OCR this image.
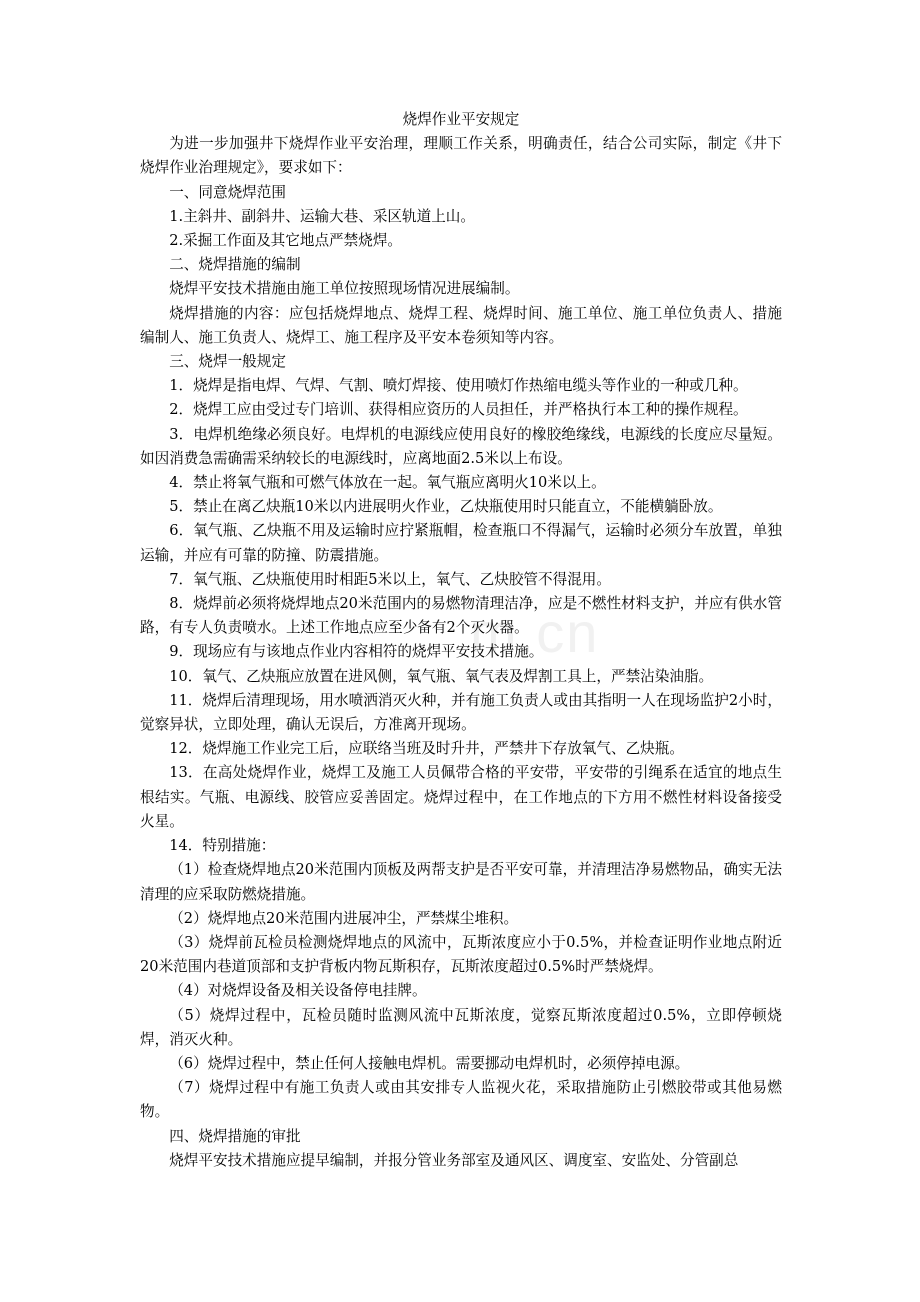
m.cn

烧焊作业平安规定

为进一步加强井下烧焊作业平安治理，理顺工作关系，明确责任，结合公司实际，制定《井下烧焊作业治理规定》，要求如下：

一、同意烧焊范围

1.主斜井、副斜井、运输大巷、采区轨道上山。

2.采掘工作面及其它地点严禁烧焊。

二、烧焊措施的编制

烧焊平安技术措施由施工单位按照现场情况进展编制。

烧焊措施的内容：应包括烧焊地点、烧焊工程、烧焊时间、施工单位、施工单位负责人、措施编制人、施工负责人、烧焊工、施工程序及平安本卷须知等内容。

三、烧焊一般规定

1．烧焊是指电焊、气焊、气割、喷灯焊接、使用喷灯作热缩电缆头等作业的一种或几种。

2．烧焊工应由受过专门培训、获得相应资历的人员担任，并严格执行本工种的操作规程。

3．电焊机绝缘必须良好。电焊机的电源线应使用良好的橡胶绝缘线，电源线的长度应尽量短。如因消费急需确需采纳较长的电源线时，应离地面2.5米以上布设。

4．禁止将氧气瓶和可燃气体放在一起。氧气瓶应离明火10米以上。

5．禁止在离乙炔瓶10米以内进展明火作业，乙炔瓶使用时只能直立，不能横躺卧放。

6．氧气瓶、乙炔瓶不用及运输时应拧紧瓶帽，检查瓶口不得漏气，运输时必须分车放置，单独运输，并应有可靠的防撞、防震措施。

7．氧气瓶、乙炔瓶使用时相距5米以上，氧气、乙炔胶管不得混用。

8．烧焊前必须将烧焊地点20米范围内的易燃物清理洁净，应是不燃性材料支护，并应有供水管路，有专人负责喷水。上述工作地点应至少备有2个灭火器。

9．现场应有与该地点作业内容相符的烧焊平安技术措施。

10．氧气、乙炔瓶应放置在进风侧，氧气瓶、氧气表及焊割工具上，严禁沾染油脂。

11．烧焊后清理现场，用水喷洒消灭火种，并有施工负责人或由其指明一人在现场监护2小时，觉察异状，立即处理，确认无误后，方准离开现场。

12．烧焊施工作业完工后，应联络当班及时升井，严禁井下存放氧气、乙炔瓶。

13．在高处烧焊作业，烧焊工及施工人员佩带合格的平安带，平安带的引绳系在适宜的地点生根结实。气瓶、电源线、胶管应妥善固定。烧焊过程中，在工作地点的下方用不燃性材料设备接受火星。

14．特别措施：

（1）检查烧焊地点20米范围内顶板及两帮支护是否平安可靠，并清理洁净易燃物品，确实无法清理的应采取防燃烧措施。

（2）烧焊地点20米范围内进展冲尘，严禁煤尘堆积。

（3）烧焊前瓦检员检测烧焊地点的风流中，瓦斯浓度应小于0.5%，并检查证明作业地点附近20米范围内巷道顶部和支护背板内物瓦斯积存，瓦斯浓度超过0.5%时严禁烧焊。

（4）对烧焊设备及相关设备停电挂牌。

（5）烧焊过程中，瓦检员随时监测风流中瓦斯浓度，觉察瓦斯浓度超过0.5%，立即停顿烧焊，消灭火种。

（6）烧焊过程中，禁止任何人接触电焊机。需要挪动电焊机时，必须停掉电源。

（7）烧焊过程中有施工负责人或由其安排专人监视火花，采取措施防止引燃胶带或其他易燃物。

四、烧焊措施的审批

烧焊平安技术措施应提早编制，并报分管业务部室及通风区、调度室、安监处、分管副总
